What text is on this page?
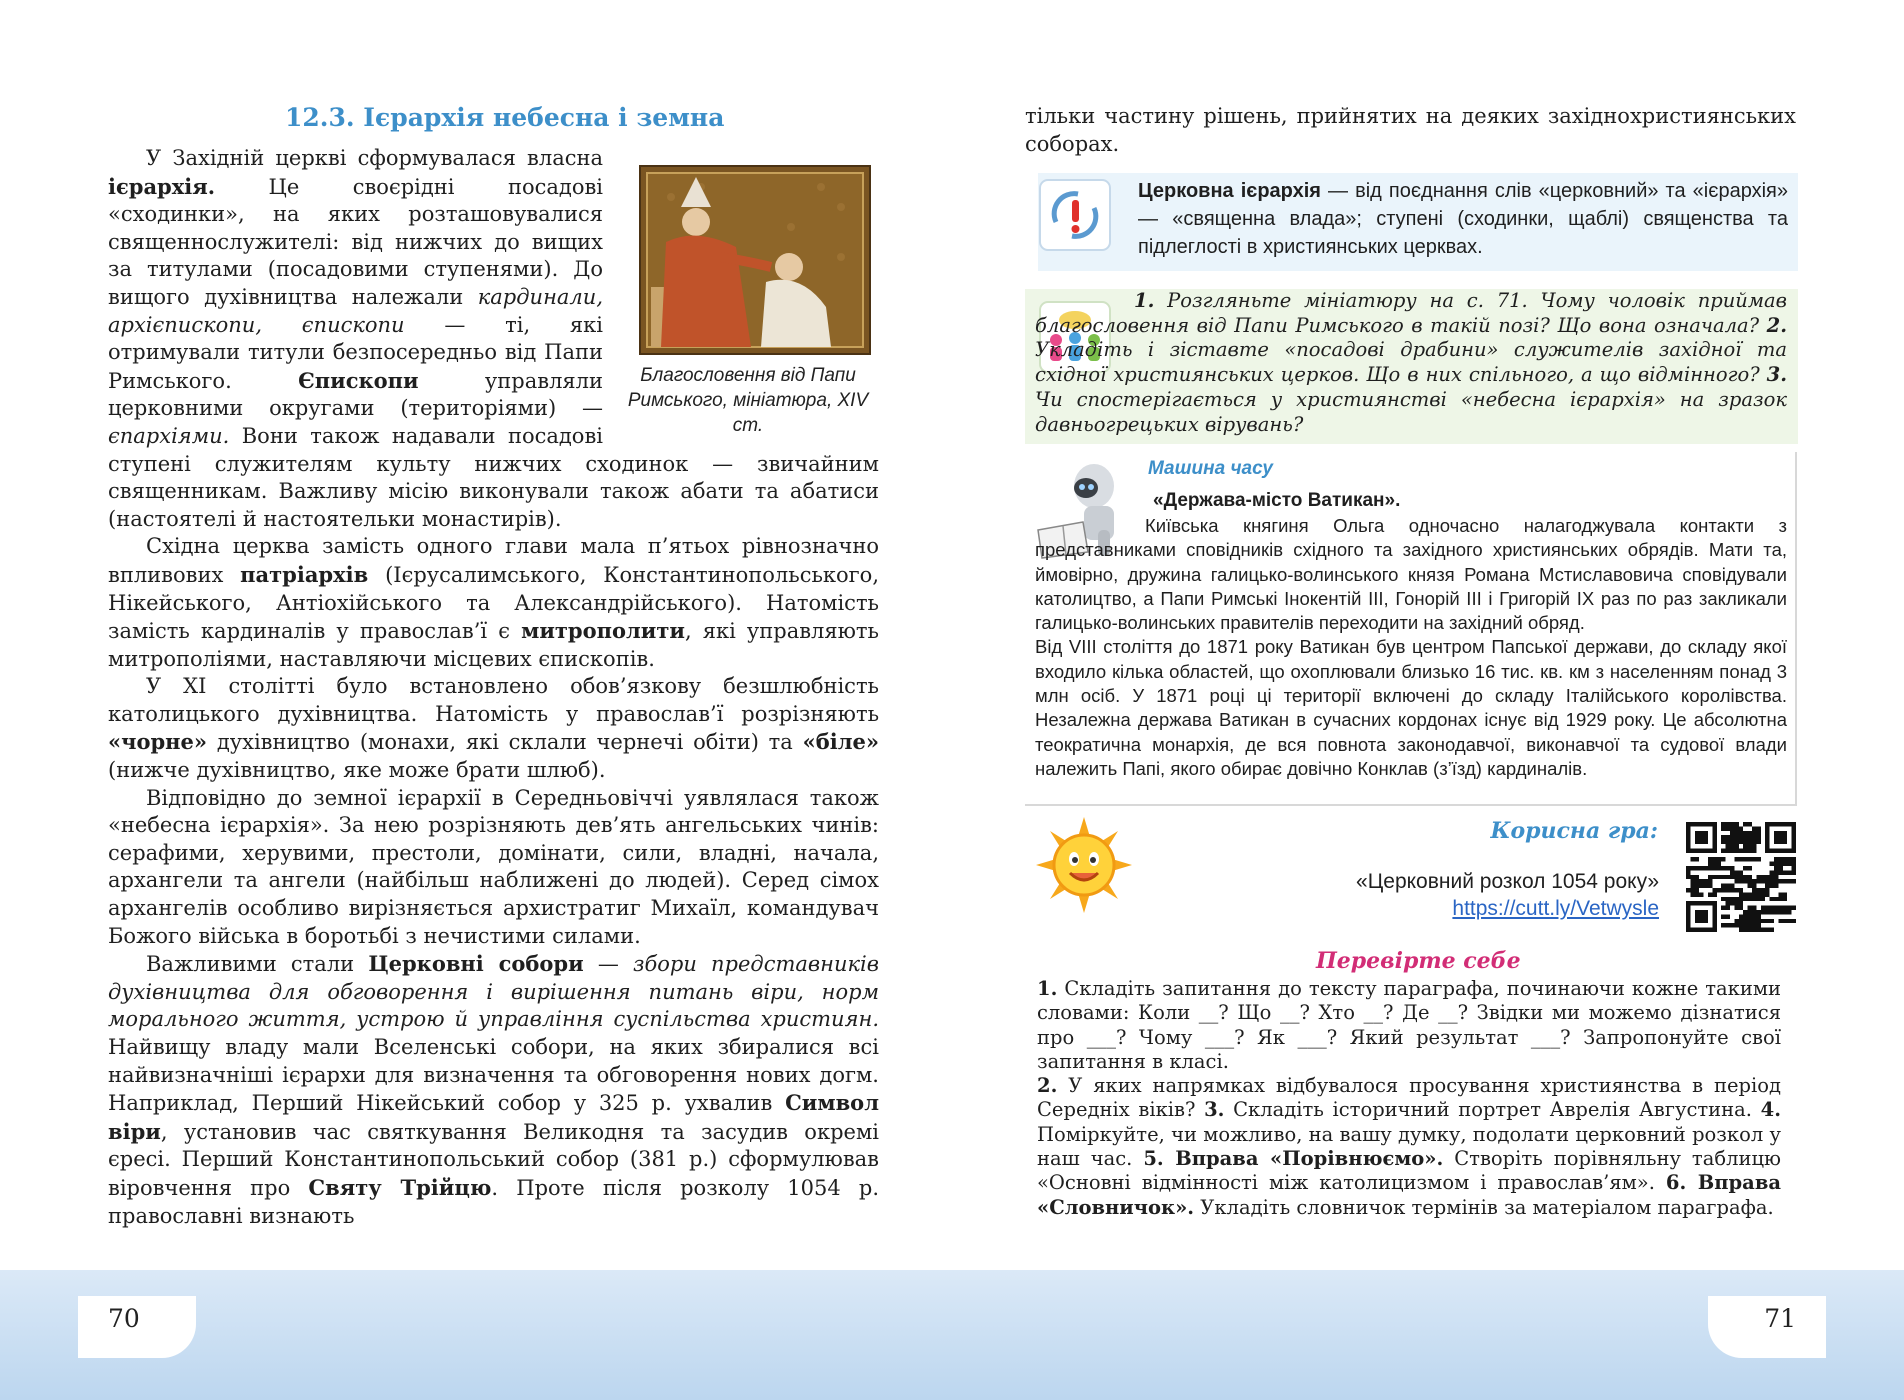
12.3. Ієрархія небесна і земна
Благословення від Папи Римського, мініатюра, XIV ст.

У Західній церкві сформувалася власна ієрархія. Це своєрідні посадові «сходинки», на яких розташовувалися священнослужителі: від нижчих до вищих за титулами (посадовими ступенями). До вищого духівництва належали кардинали, архієпископи, єпископи — ті, які отримували титули безпосередньо від Папи Римського. Єпископи управляли церковними округами (територіями) — єпархіями. Вони також надавали посадові ступені служителям культу нижчих сходинок — звичайним священникам. Важливу місію виконували також абати та абатиси (настоятелі й настоятельки монастирів).

Східна церква замість одного глави мала п’ятьох рівнозначно впливових патріархів (Ієрусалимського, Константинопольського, Нікейського, Антіохійського та Александрійського). Натомість замість кардиналів у православ’ї є митрополити, які управляють митрополіями, наставляючи місцевих єпископів.

У XI столітті було встановлено обов’язкову безшлюбність католицького духівництва. Натомість у православ’ї розрізняють «чорне» духівництво (монахи, які склали чернечі обіти) та «біле» (нижче духівництво, яке може брати шлюб).

Відповідно до земної ієрархії в Середньовіччі уявлялася також «небесна ієрархія». За нею розрізняють дев’ять ангельських чинів: серафими, херувими, престоли, домінати, сили, владні, начала, архангели та ангели (найбільш наближені до людей). Серед сімох архангелів особливо вирізняється архистратиг Михаїл, командувач Божого війська в боротьбі з нечистими силами.

Важливими стали Церковні собори — збори представників духівництва для обговорення і вирішення питань віри, норм морального життя, устрою й управління суспільства християн. Найвищу владу мали Вселенські собори, на яких збиралися всі найвизначніші ієрархи для визначення та обговорення нових догм. Наприклад, Перший Нікейський собор у 325 р. ухвалив Символ віри, установив час святкування Великодня та засудив окремі єресі. Перший Константинопольський собор (381 р.) сформулював віровчення про Святу Трійцю. Проте після розколу 1054 р. православні визнають

70	71
тільки частину рішень, прийнятих на деяких західнохристиянських соборах.
Церковна ієрархія — від поєднання слів «церковний» та «ієрархія» — «священна влада»; ступені (сходинки, щаблі) священства та підлеглості в християнських церквах.
1. Розгляньте мініатюру на с. 71. Чому чоловік приймав благословення від Папи Римського в такій позі? Що вона означала? 2. Укладіть і зіставте «посадові драбини» служителів західної та східної християнських церков. Що в них спільного, а що відмінного? 3. Чи спостерігається у християнстві «небесна ієрархія» на зразок давньогрецьких вірувань?
Машина часу
«Держава-місто Ватикан».

Київська княгиня Ольга одночасно налагоджувала контакти з представниками сповідників східного та західного християнських обрядів. Мати та, ймовірно, дружина галицько-волинського князя Романа Мстиславовича сповідували католицтво, а Папи Римські Інокентій III, Гонорій III і Григорій IX раз по раз закликали галицько-волинських правителів переходити на західний обряд.

Від VIII століття до 1871 року Ватикан був центром Папської держави, до складу якої входило кілька областей, що охоплювали близько 16 тис. кв. км з населенням понад 3 млн осіб. У 1871 році ці території включені до складу Італійського королівства. Незалежна держава Ватикан в сучасних кордонах існує від 1929 року. Це абсолютна теократична монархія, де вся повнота законодавчої, виконавчої та судової влади належить Папі, якого обирає довічно Конклав (з’їзд) кардиналів.

Корисна гра:
«Церковний розкол 1054 року»
https://cutt.ly/Vetwysle
Перевірте себе

1. Складіть запитання до тексту параграфа, починаючи кожне такими словами: Коли __? Що __? Хто __? Де __? Звідки ми можемо дізнатися про ___? Чому ___? Як ___? Який результат ___? Запропонуйте свої запитання в класі.

2. У яких напрямках відбувалося просування християнства в період Середніх віків? 3. Складіть історичний портрет Аврелія Августина. 4. Поміркуйте, чи можливо, на вашу думку, подолати церковний розкол у наш час. 5. Вправа «Порівнюємо». Створіть порівняльну таблицю «Основні відмінності між католицизмом і православ’ям». 6. Вправа «Словничок». Укладіть словничок термінів за матеріалом параграфа.
